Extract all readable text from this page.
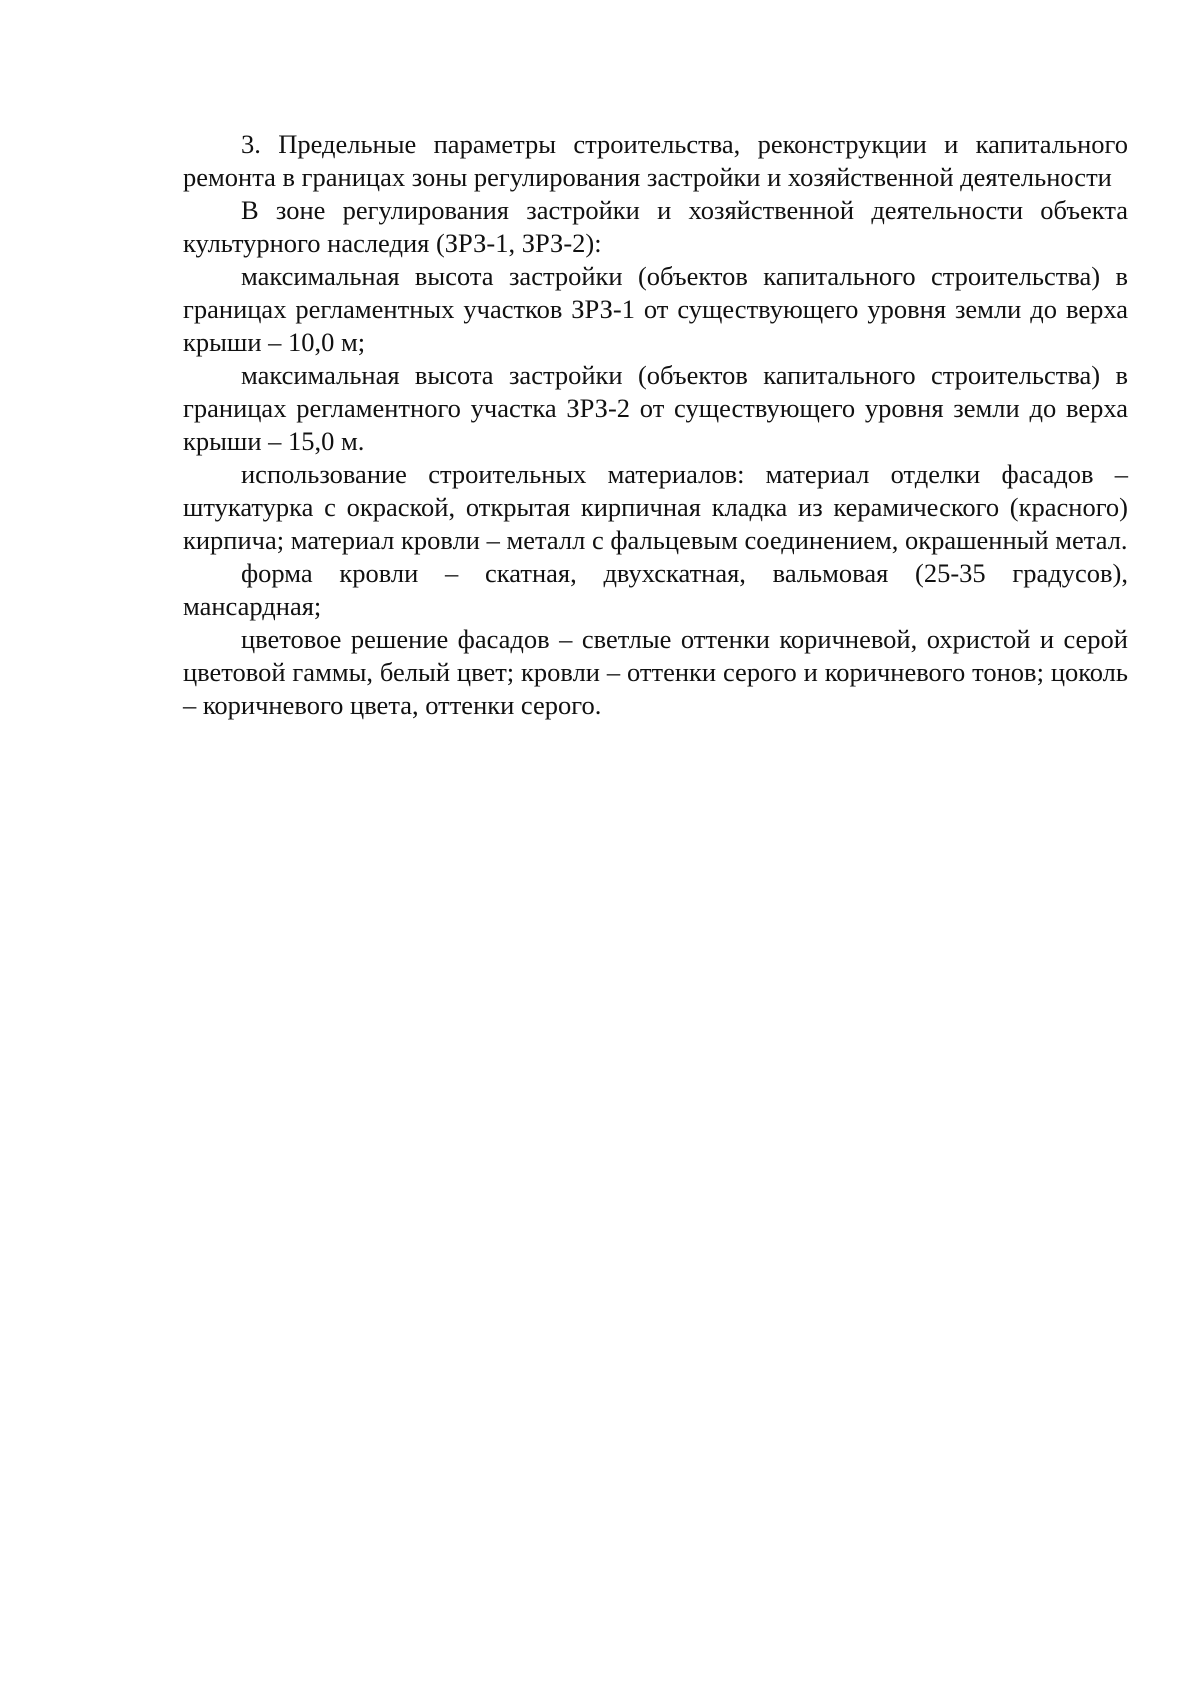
3. Предельные параметры строительства, реконструкции и капитального ремонта в границах зоны регулирования застройки и хозяйственной деятельности

В зоне регулирования застройки и хозяйственной деятельности объекта культурного наследия (ЗРЗ-1, ЗРЗ-2):

максимальная высота застройки (объектов капитального строительства) в границах регламентных участков ЗРЗ-1 от существующего уровня земли до верха крыши – 10,0 м;

максимальная высота застройки (объектов капитального строительства) в границах регламентного участка ЗРЗ-2 от существующего уровня земли до верха крыши – 15,0 м.

использование строительных материалов: материал отделки фасадов – штукатурка с окраской, открытая кирпичная кладка из керамического (красного) кирпича; материал кровли – металл с фальцевым соединением, окрашенный метал.

форма кровли – скатная, двухскатная, вальмовая (25-35 градусов), мансардная;

цветовое решение фасадов – светлые оттенки коричневой, охристой и серой цветовой гаммы, белый цвет; кровли – оттенки серого и коричневого тонов; цоколь – коричневого цвета, оттенки серого.
